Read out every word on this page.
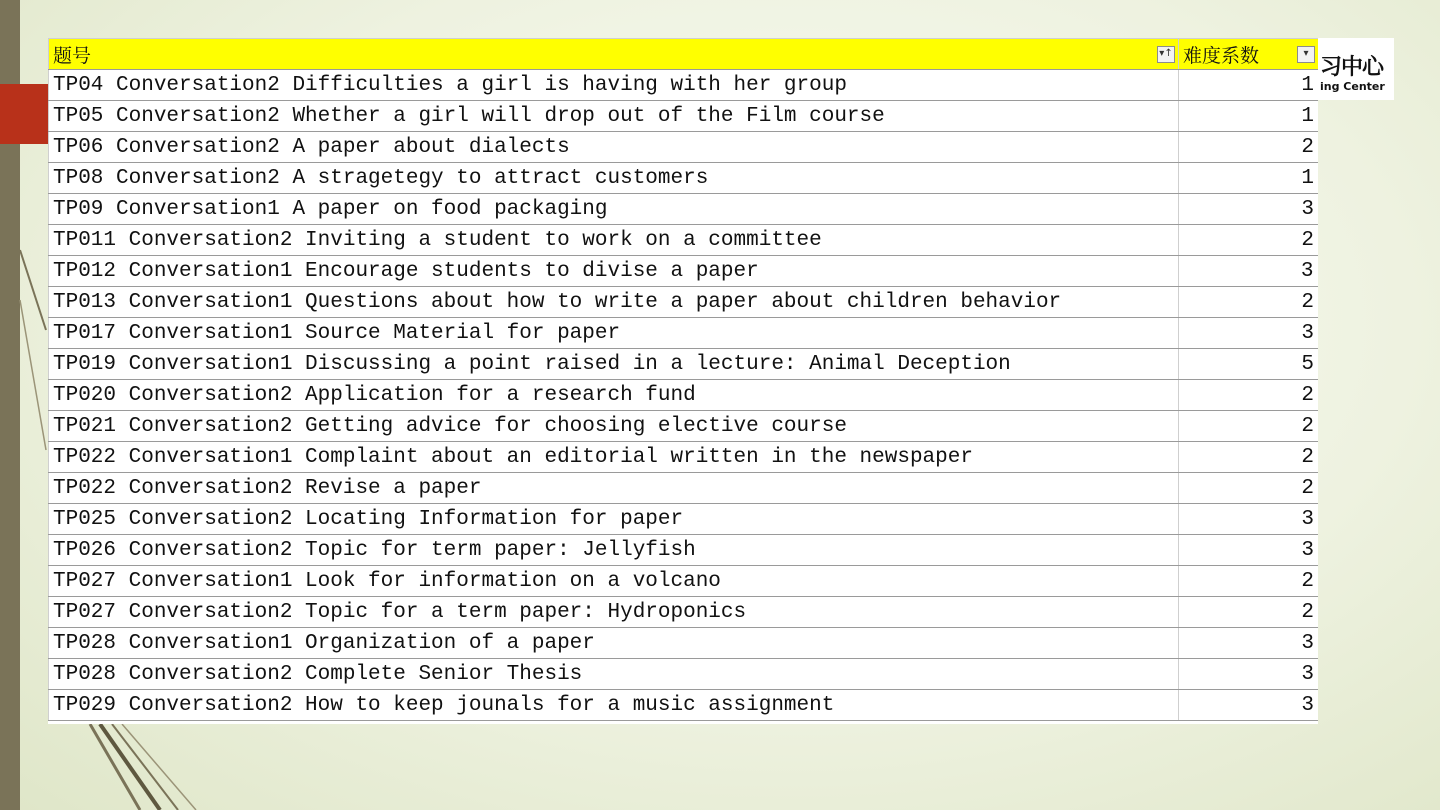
题号 ▾↑	难度系数 ▾

TP04 Conversation2 Difficulties a girl is having with her group	1
TP05 Conversation2 Whether a girl will drop out of the Film course	1
TP06 Conversation2 A paper about dialects	2
TP08 Conversation2 A stragetegy to attract customers	1
TP09 Conversation1 A paper on food packaging	3
TP011 Conversation2 Inviting a student to work on a committee	2
TP012 Conversation1 Encourage students to divise a paper	3
TP013 Conversation1 Questions about how to write a paper about children behavior	2
TP017 Conversation1 Source Material for paper	3
TP019 Conversation1 Discussing a point raised in a lecture: Animal Deception	5
TP020 Conversation2 Application for a research fund	2
TP021 Conversation2 Getting advice for choosing elective course	2
TP022 Conversation1 Complaint about an editorial written in the newspaper	2
TP022 Conversation2 Revise a paper	2
TP025 Conversation2 Locating Information for paper	3
TP026 Conversation2 Topic for term paper: Jellyfish	3
TP027 Conversation1 Look for information on a volcano	2
TP027 Conversation2 Topic for a term paper: Hydroponics	2
TP028 Conversation1 Organization of a paper	3
TP028 Conversation2 Complete Senior Thesis	3
TP029 Conversation2 How to keep jounals for a music assignment	3
习中心
ing Center
